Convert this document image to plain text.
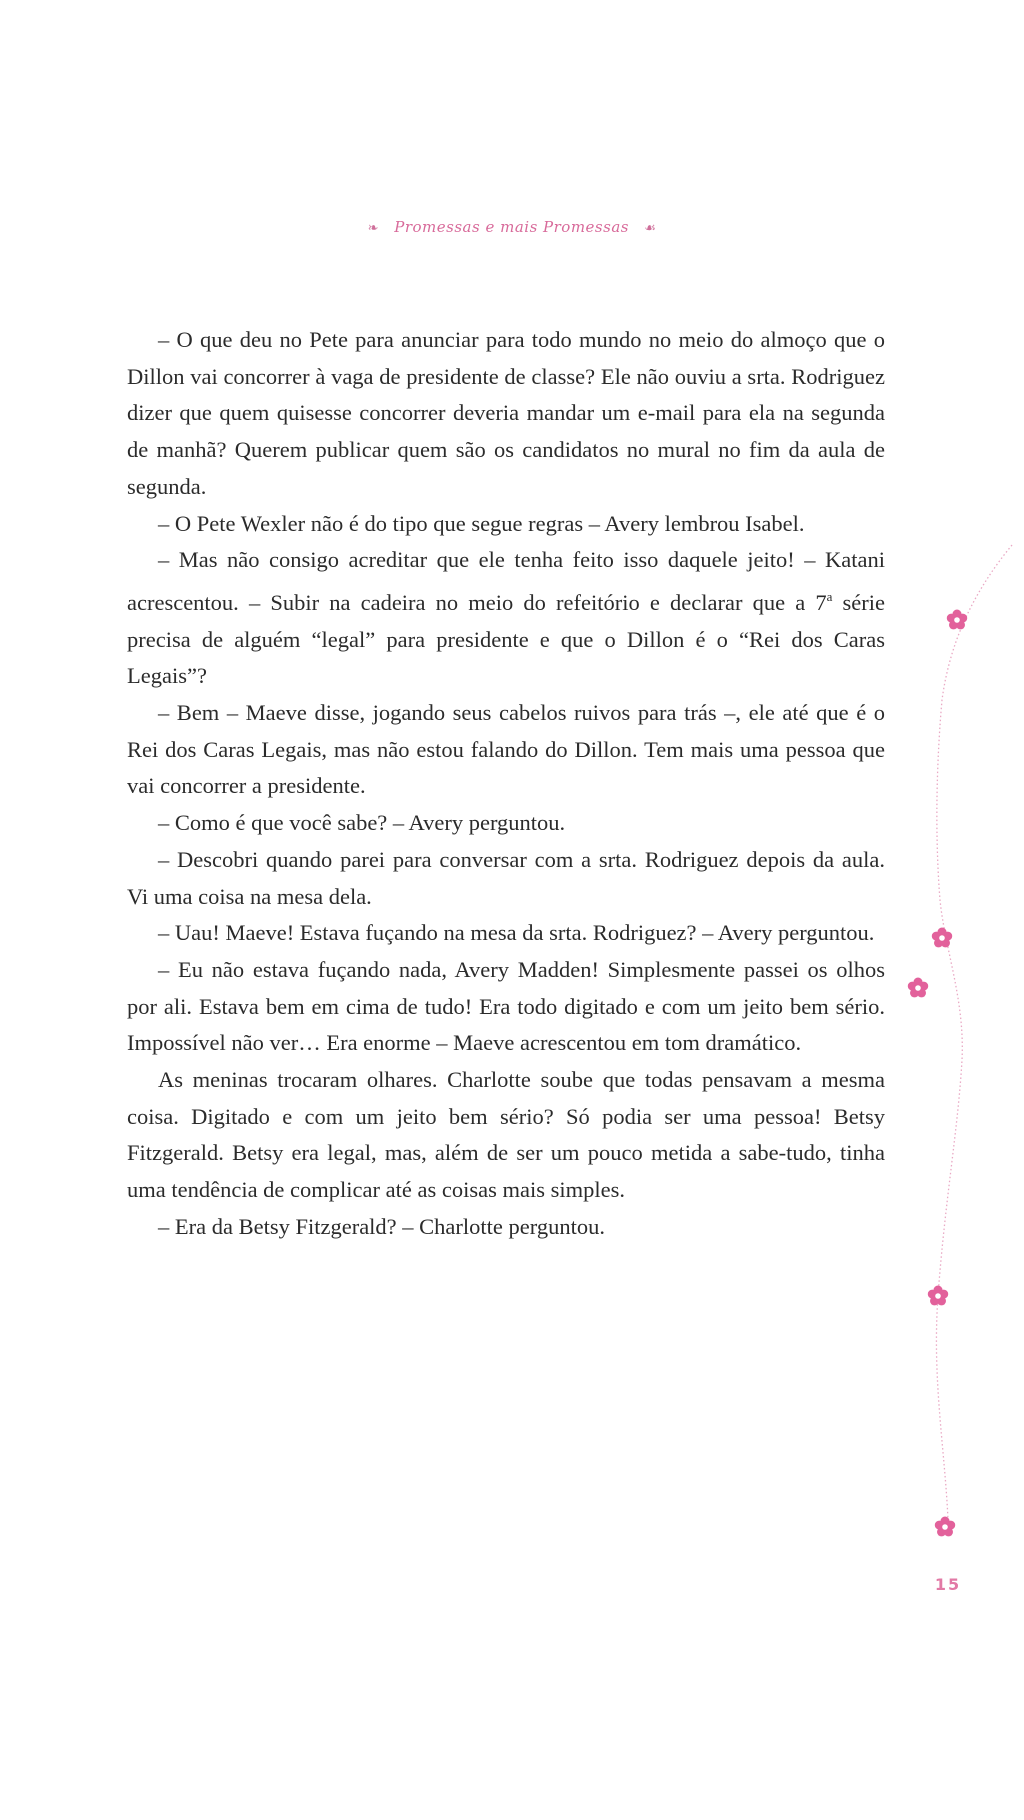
❧ Promessas e mais Promessas ☙

– O que deu no Pete para anunciar para todo mundo no meio do almoço que o Dillon vai concorrer à vaga de presidente de classe? Ele não ouviu a srta. Rodriguez dizer que quem quisesse concorrer deveria mandar um e-mail para ela na segunda de manhã? Querem publicar quem são os candidatos no mural no fim da aula de segunda.

– O Pete Wexler não é do tipo que segue regras – Avery lembrou Isabel.

– Mas não consigo acreditar que ele tenha feito isso daquele jeito! – Katani acrescentou. – Subir na cadeira no meio do refeitório e declarar que a 7$^a$ série precisa de alguém “legal” para presidente e que o Dillon é o “Rei dos Caras Legais”?

– Bem – Maeve disse, jogando seus cabelos ruivos para trás –, ele até que é o Rei dos Caras Legais, mas não estou falando do Dillon. Tem mais uma pessoa que vai concorrer a presidente.

– Como é que você sabe? – Avery perguntou.

– Descobri quando parei para conversar com a srta. Rodriguez depois da aula. Vi uma coisa na mesa dela.

– Uau! Maeve! Estava fuçando na mesa da srta. Rodriguez? – Avery perguntou.

– Eu não estava fuçando nada, Avery Madden! Simplesmente passei os olhos por ali. Estava bem em cima de tudo! Era todo digitado e com um jeito bem sério. Impossível não ver… Era enorme – Maeve acrescentou em tom dramático.

As meninas trocaram olhares. Charlotte soube que todas pensavam a mesma coisa. Digitado e com um jeito bem sério? Só podia ser uma pessoa! Betsy Fitzgerald. Betsy era legal, mas, além de ser um pouco metida a sabe-tudo, tinha uma tendência de complicar até as coisas mais simples.

– Era da Betsy Fitzgerald? – Charlotte perguntou.

15
